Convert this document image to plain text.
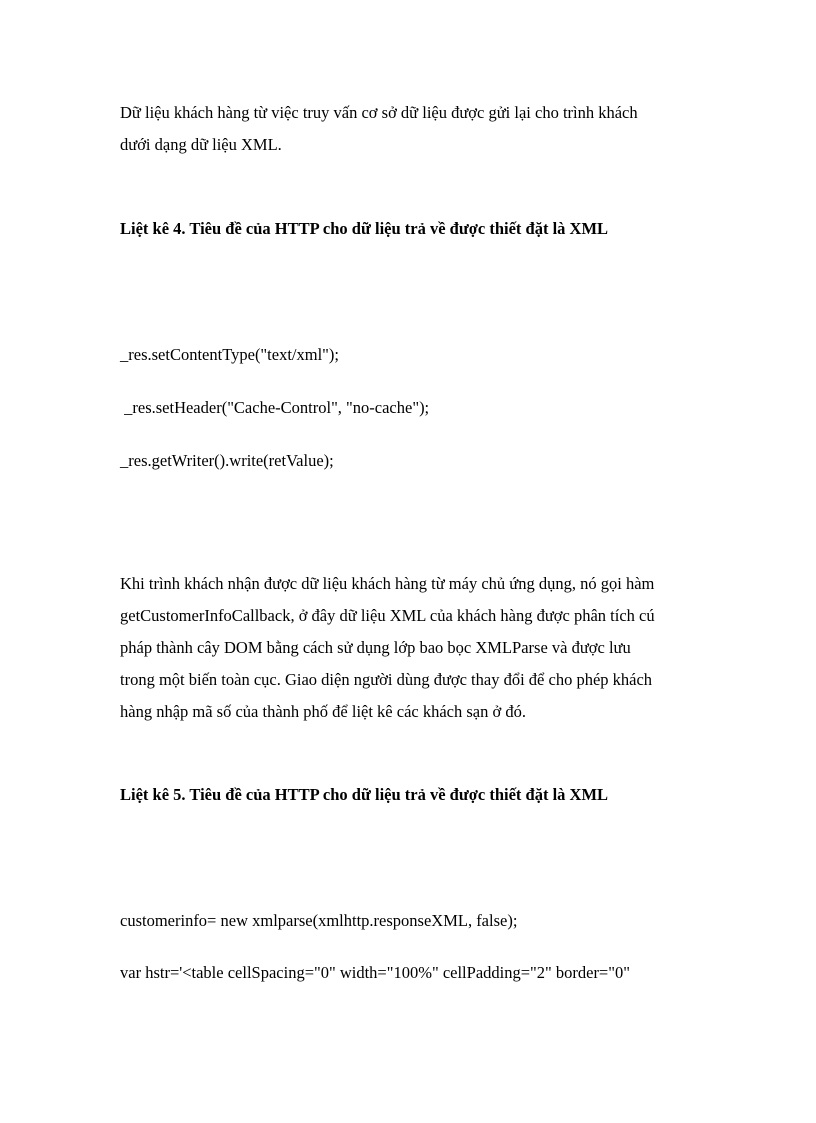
Dữ liệu khách hàng từ việc truy vấn cơ sở dữ liệu được gửi lại cho trình khách
dưới dạng dữ liệu XML.
Liệt kê 4. Tiêu đề của HTTP cho dữ liệu trả về được thiết đặt là XML
_res.setContentType("text/xml");
_res.setHeader("Cache-Control", "no-cache");
_res.getWriter().write(retValue);
Khi trình khách nhận được dữ liệu khách hàng từ máy chủ ứng dụng, nó gọi hàm
getCustomerInfoCallback, ở đây dữ liệu XML của khách hàng được phân tích cú
pháp thành cây DOM bằng cách sử dụng lớp bao bọc XMLParse và được lưu
trong một biến toàn cục. Giao diện người dùng được thay đổi để cho phép khách
hàng nhập mã số của thành phố để liệt kê các khách sạn ở đó.
Liệt kê 5. Tiêu đề của HTTP cho dữ liệu trả về được thiết đặt là XML
customerinfo= new xmlparse(xmlhttp.responseXML, false);
var hstr='<table cellSpacing="0" width="100%" cellPadding="2" border="0"
